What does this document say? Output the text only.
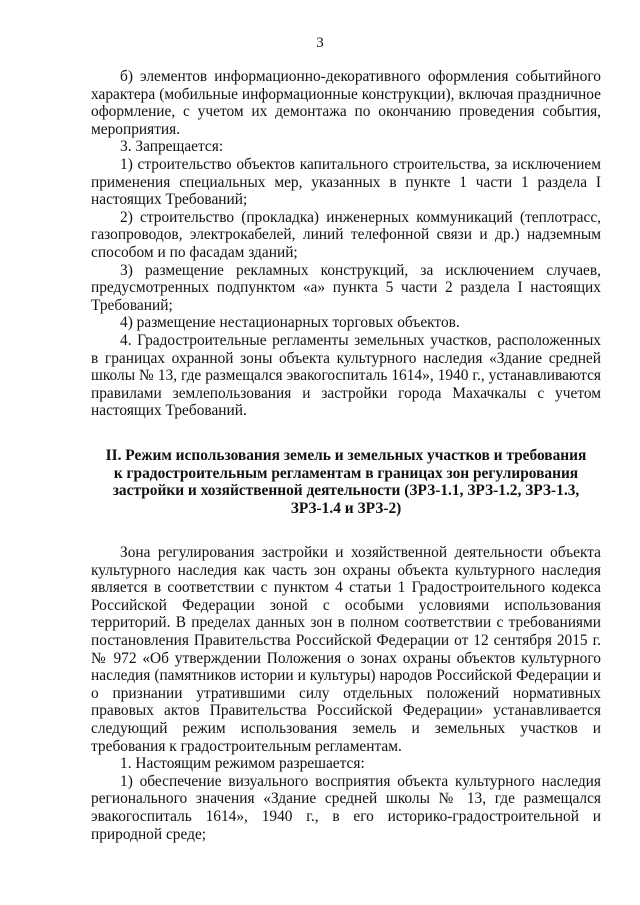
3

б) элементов информационно-декоративного оформления событийного характера (мобильные информационные конструкции), включая праздничное оформление, с учетом их демонтажа по окончанию проведения события, мероприятия.

3. Запрещается:

1) строительство объектов капитального строительства, за исключением применения специальных мер, указанных в пункте 1 части 1 раздела I настоящих Требований;

2) строительство (прокладка) инженерных коммуникаций (теплотрасс, газопроводов, электрокабелей, линий телефонной связи и др.) надземным способом и по фасадам зданий;

3) размещение рекламных конструкций, за исключением случаев, предусмотренных подпунктом «а» пункта 5 части 2 раздела I настоящих Требований;

4) размещение нестационарных торговых объектов.

4. Градостроительные регламенты земельных участков, расположенных в границах охранной зоны объекта культурного наследия «Здание средней школы № 13, где размещался эвакогоспиталь 1614», 1940 г., устанавливаются правилами землепользования и застройки города Махачкалы с учетом настоящих Требований.

II. Режим использования земель и земельных участков и требования
к градостроительным регламентам в границах зон регулирования
застройки и хозяйственной деятельности (ЗРЗ-1.1, ЗРЗ-1.2, ЗРЗ-1.3,
ЗРЗ-1.4 и ЗРЗ-2)

Зона регулирования застройки и хозяйственной деятельности объекта культурного наследия как часть зон охраны объекта культурного наследия является в соответствии с пунктом 4 статьи 1 Градостроительного кодекса Российской Федерации зоной с особыми условиями использования территорий. В пределах данных зон в полном соответствии с требованиями постановления Правительства Российской Федерации от 12 сентября 2015 г. № 972 «Об утверждении Положения о зонах охраны объектов культурного наследия (памятников истории и культуры) народов Российской Федерации и о признании утратившими силу отдельных положений нормативных правовых актов Правительства Российской Федерации» устанавливается следующий режим использования земель и земельных участков и требования к градостроительным регламентам.

1. Настоящим режимом разрешается:

1) обеспечение визуального восприятия объекта культурного наследия регионального значения «Здание средней школы № 13, где размещался эвакогоспиталь 1614», 1940 г., в его историко-градостроительной и природной среде;
